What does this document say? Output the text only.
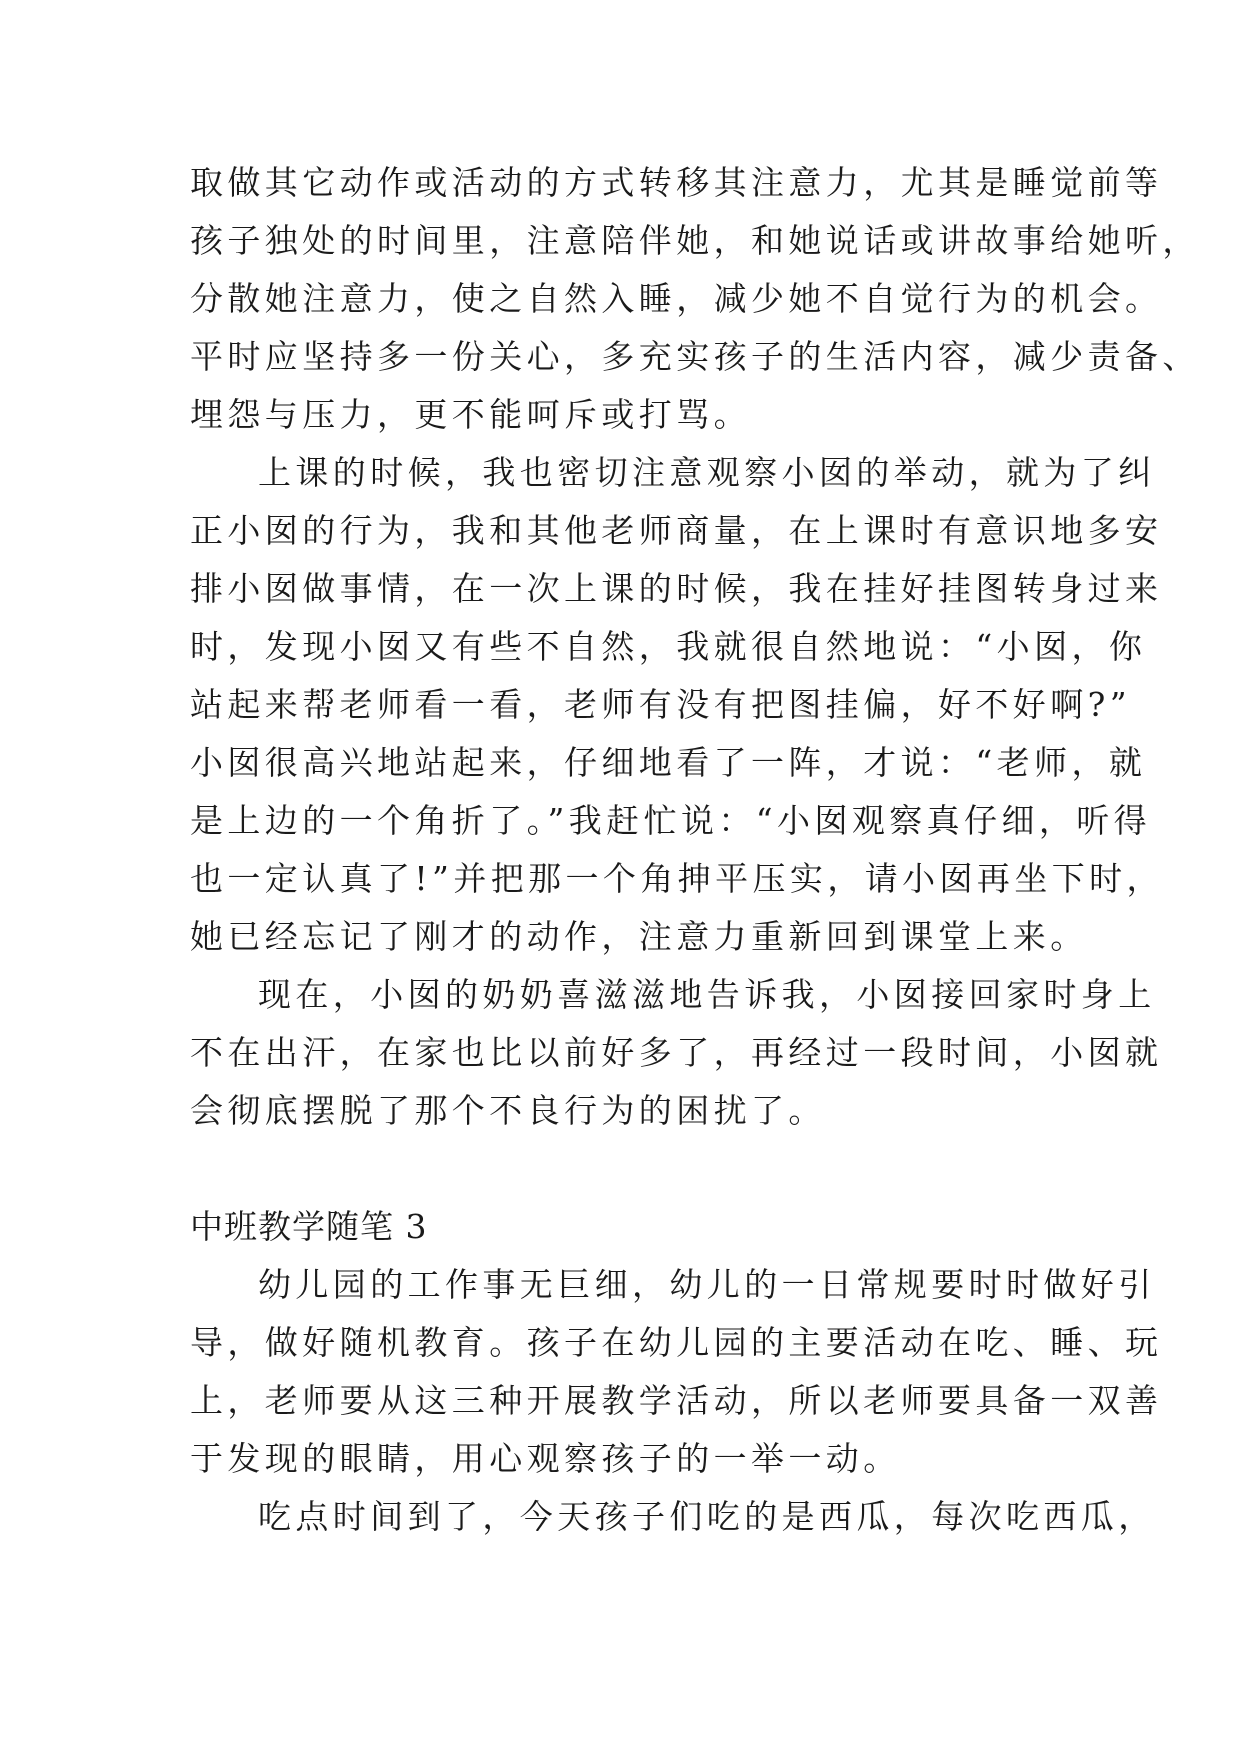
取做其它动作或活动的方式转移其注意力，尤其是睡觉前等
孩子独处的时间里，注意陪伴她，和她说话或讲故事给她听，
分散她注意力，使之自然入睡，减少她不自觉行为的机会。
平时应坚持多一份关心，多充实孩子的生活内容，减少责备、
埋怨与压力，更不能呵斥或打骂。
上课的时候，我也密切注意观察小囡的举动，就为了纠
正小囡的行为，我和其他老师商量，在上课时有意识地多安
排小囡做事情，在一次上课的时候，我在挂好挂图转身过来
时，发现小囡又有些不自然，我就很自然地说：“小囡，你
站起来帮老师看一看，老师有没有把图挂偏，好不好啊?”
小囡很高兴地站起来，仔细地看了一阵，才说：“老师，就
是上边的一个角折了。”我赶忙说：“小囡观察真仔细，听得
也一定认真了!”并把那一个角抻平压实，请小囡再坐下时，
她已经忘记了刚才的动作，注意力重新回到课堂上来。
现在，小囡的奶奶喜滋滋地告诉我，小囡接回家时身上
不在出汗，在家也比以前好多了，再经过一段时间，小囡就
会彻底摆脱了那个不良行为的困扰了。
中班教学随笔 3
幼儿园的工作事无巨细，幼儿的一日常规要时时做好引
导，做好随机教育。孩子在幼儿园的主要活动在吃、睡、玩
上，老师要从这三种开展教学活动，所以老师要具备一双善
于发现的眼睛，用心观察孩子的一举一动。
吃点时间到了，今天孩子们吃的是西瓜，每次吃西瓜，
